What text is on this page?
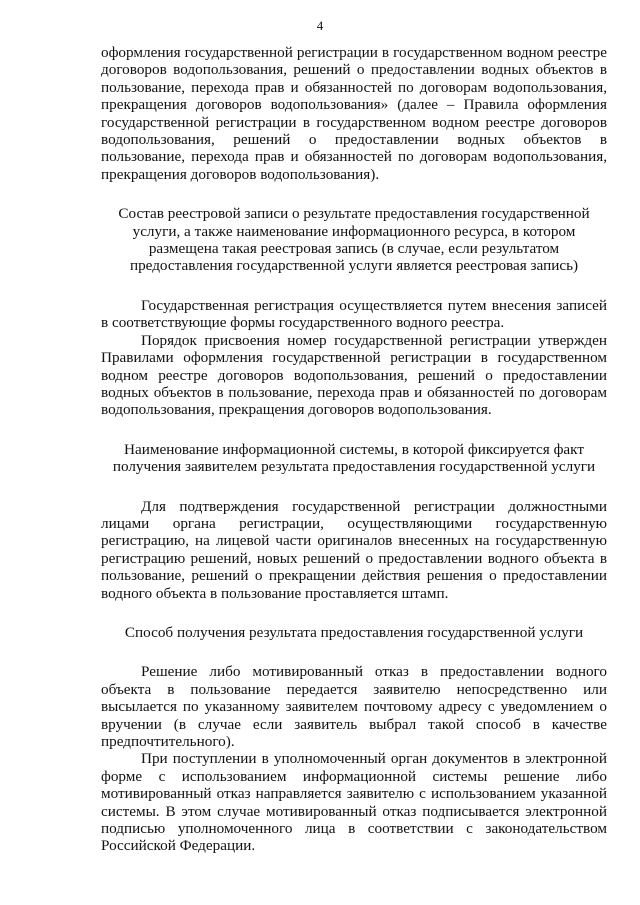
4

оформления государственной регистрации в государственном водном реестре договоров водопользования, решений о предоставлении водных объектов в пользование, перехода прав и обязанностей по договорам водопользования, прекращения договоров водопользования» (далее – Правила оформления государственной регистрации в государственном водном реестре договоров водопользования, решений о предоставлении водных объектов в пользование, перехода прав и обязанностей по договорам водопользования, прекращения договоров водопользования).

Состав реестровой записи о результате предоставления государственной услуги, а также наименование информационного ресурса, в котором размещена такая реестровая запись (в случае, если результатом предоставления государственной услуги является реестровая запись)

Государственная регистрация осуществляется путем внесения записей в соответствующие формы государственного водного реестра.

Порядок присвоения номер государственной регистрации утвержден Правилами оформления государственной регистрации в государственном водном реестре договоров водопользования, решений о предоставлении водных объектов в пользование, перехода прав и обязанностей по договорам водопользования, прекращения договоров водопользования.

Наименование информационной системы, в которой фиксируется факт получения заявителем результата предоставления государственной услуги

Для подтверждения государственной регистрации должностными лицами органа регистрации, осуществляющими государственную регистрацию, на лицевой части оригиналов внесенных на государственную регистрацию решений, новых решений о предоставлении водного объекта в пользование, решений о прекращении действия решения о предоставлении водного объекта в пользование проставляется штамп.

Способ получения результата предоставления государственной услуги

Решение либо мотивированный отказ в предоставлении водного объекта в пользование передается заявителю непосредственно или высылается по указанному заявителем почтовому адресу с уведомлением о вручении (в случае если заявитель выбрал такой способ в качестве предпочтительного).

При поступлении в уполномоченный орган документов в электронной форме с использованием информационной системы решение либо мотивированный отказ направляется заявителю с использованием указанной системы. В этом случае мотивированный отказ подписывается электронной подписью уполномоченного лица в соответствии с законодательством Российской Федерации.
